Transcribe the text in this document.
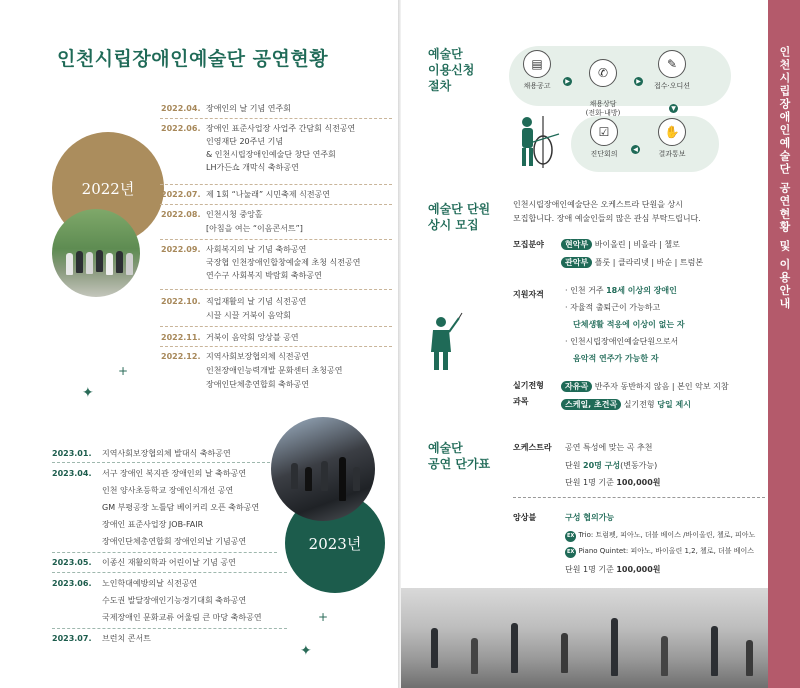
인천시립장애인예술단 공연현황
2022년
2023년
2022.04. 장애인의 날 기념 연주회
2022.06. 장애인 표준사업장 사업주 간담회 식전공연
인영재단 20주년 기념
& 인천시립장애인예술단 창단 연주회
LH가든쇼 개막식 축하공연
2022.07. 제 1회 “나눌래” 시민축제 식전공연
2022.08. 인천시청 중앙홀
[아침을 여는 “이음콘서트”]
2022.09. 사회복지의 날 기념 축하공연
국장협 인천장애인합창예술제 초청 식전공연
연수구 사회복지 박람회 축하공연
2022.10. 직업재활의 날 기념 식전공연
시끌 시끌 거북이 음악회
2022.11. 거북이 음악회 앙상블 공연
2022.12. 지역사회보장협의체 식전공연
인천장애인능력개발 문화센터 초청공연
장애인단체총연합회 축하공연
+
✦
2023.01. 지역사회보장협의체 발대식 축하공연
2023.04. 서구 장애인 복지관 장애인의 날 축하공연
인천 양사초등학교 장애인식개선 공연
GM 부평공장 노틀담 베이커리 오픈 축하공연
장애인 표준사업장 JOB-FAIR
장애인단체총연합회 장애인의날 기념공연
2023.05. 이종신 재활의학과 어린이날 기념 공연
2023.06. 노인학대예방의날 식전공연
수도권 발달장애인기능경기대회 축하공연
국제장애인 문화교류 어울림 큰 마당 축하공연
2023.07. 브런치 콘서트
+
✦
예술단
이용신청
절차
▤
채용공고
▶

✆

채용상담
(전화·내방)

▶
✎
접수·오디션
▶
☑
진단회의
▶
✋
결과통보
예술단 단원
상시 모집
인천시립장애인예술단은 오케스트라 단원을 상시
모집합니다. 장애 예술인들의 많은 관심 부탁드립니다.
모집분야	현악부 바이올린 | 비올라 | 첼로
관악부 플룻 | 클라리넷 | 바순 | 트럼본
지원자격	· 인천 거주 18세 이상의 장애인
· 자율적 출퇴근이 가능하고
단체생활 적응에 이상이 없는 자
· 인천시립장애인예술단원으로서
음악적 연주가 가능한 자
실기전형
과목
자유곡 반주자 동반하지 않음 | 본인 악보 지참
스케일, 초견곡 실기전형 당일 제시
예술단
공연 단가표
오케스트라 공연 특성에 맞는 곡 추천
단원 20명 구성(변동가능)
단원 1명 기준 100,000원
앙상블	구성 협의가능
EX Trio: 트럼펫, 피아노, 더블 베이스 /바이올린, 첼로, 피아노
EX Piano Quintet: 피아노, 바이올린 1,2, 첼로, 더블 베이스
단원 1명 기준 100,000원
인천시립장애인예술단 공연현황 및 이용안내
